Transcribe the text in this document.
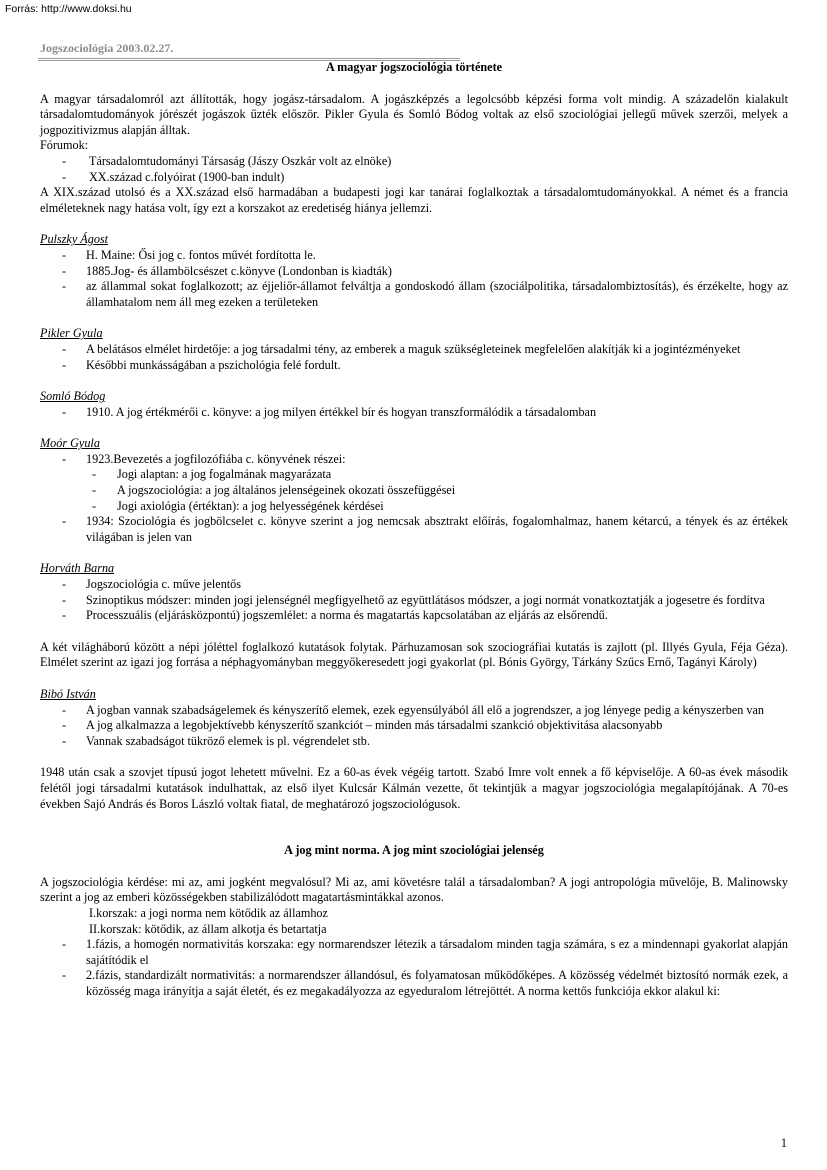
Forrás: http://www.doksi.hu
Jogszociológia 2003.02.27.

A magyar jogszociológia története

A magyar társadalomról azt állították, hogy jogász-társadalom. A jogászképzés a legolcsóbb képzési forma volt mindig. A századelőn kialakult társadalomtudományok jórészét jogászok űzték először. Pikler Gyula és Somló Bódog voltak az első szociológiai jellegű művek szerzői, melyek a jogpozitivizmus alapján álltak.

Fórumok:

- Társadalomtudományi Társaság (Jászy Oszkár volt az elnöke)
- XX.század c.folyóirat (1900-ban indult)

A XIX.század utolsó és a XX.század első harmadában a budapesti jogi kar tanárai foglalkoztak a társadalomtudományokkal. A német és a francia elméleteknek nagy hatása volt, így ezt a korszakot az eredetiség hiánya jellemzi.

Pulszky Ágost

- H. Maine: Ősi jog c. fontos művét fordította le.
- 1885.Jog- és állambölcsészet c.könyve (Londonban is kiadták)
- az állammal sokat foglalkozott; az éjjeliőr-államot felváltja a gondoskodó állam (szociálpolitika, társadalombiztosítás), és érzékelte, hogy az államhatalom nem áll meg ezeken a területeken

Pikler Gyula

- A belátásos elmélet hirdetője: a jog társadalmi tény, az emberek a maguk szükségleteinek megfelelően alakítják ki a jogintézményeket
- Későbbi munkásságában a pszichológia felé fordult.

Somló Bódog

- 1910. A jog értékmérői c. könyve: a jog milyen értékkel bír és hogyan transzformálódik a társadalomban

Moór Gyula

- 1923.Bevezetés a jogfilozófiába c. könyvének részei:
- Jogi alaptan: a jog fogalmának magyarázata
- A jogszociológia: a jog általános jelenségeinek okozati összefüggései
- Jogi axiológia (értéktan): a jog helyességének kérdései
- 1934: Szociológia és jogbölcselet c. könyve szerint a jog nemcsak absztrakt előírás, fogalomhalmaz, hanem kétarcú, a tények és az értékek világában is jelen van

Horváth Barna

- Jogszociológia c. műve jelentős
- Szinoptikus módszer: minden jogi jelenségnél megfigyelhető az együttlátásos módszer, a jogi normát vonatkoztatják a jogesetre és fordítva
- Processzuális (eljárásközpontú) jogszemlélet: a norma és magatartás kapcsolatában az eljárás az elsőrendű.

A két világháború között a népi jóléttel foglalkozó kutatások folytak. Párhuzamosan sok szociográfiai kutatás is zajlott (pl. Illyés Gyula, Féja Géza). Elmélet szerint az igazi jog forrása a néphagyományban meggyőkeresedett jogi gyakorlat (pl. Bónis György, Tárkány Szűcs Ernő, Tagányi Károly)

Bibó István

- A jogban vannak szabadságelemek és kényszerítő elemek, ezek egyensúlyából áll elő a jogrendszer, a jog lényege pedig a kényszerben van
- A jog alkalmazza a legobjektívebb kényszerítő szankciót – minden más társadalmi szankció objektivitása alacsonyabb
- Vannak szabadságot tükröző elemek is pl. végrendelet stb.

1948 után csak a szovjet típusú jogot lehetett művelni. Ez a 60-as évek végéig tartott. Szabó Imre volt ennek a fő képviselője. A 60-as évek második felétől jogi társadalmi kutatások indulhattak, az első ilyet Kulcsár Kálmán vezette, őt tekintjük a magyar jogszociológia megalapítójának. A 70-es években Sajó András és Boros László voltak fiatal, de meghatározó jogszociológusok.

A jog mint norma. A jog mint szociológiai jelenség

A jogszociológia kérdése: mi az, ami jogként megvalósul? Mi az, ami követésre talál a társadalomban? A jogi antropológia művelője, B. Malinowsky szerint a jog az emberi közösségekben stabilizálódott magatartásmintákkal azonos.

I.korszak: a jogi norma nem kötődik az államhoz

II.korszak: kötődik, az állam alkotja és betartatja

- 1.fázis, a homogén normativitás korszaka: egy normarendszer létezik a társadalom minden tagja számára, s ez a mindennapi gyakorlat alapján sajátítódik el
- 2.fázis, standardizált normativitás: a normarendszer állandósul, és folyamatosan működőképes. A közösség védelmét biztosító normák ezek, a közösség maga irányítja a saját életét, és ez megakadályozza az egyeduralom létrejöttét. A norma kettős funkciója ekkor alakul ki:
1
